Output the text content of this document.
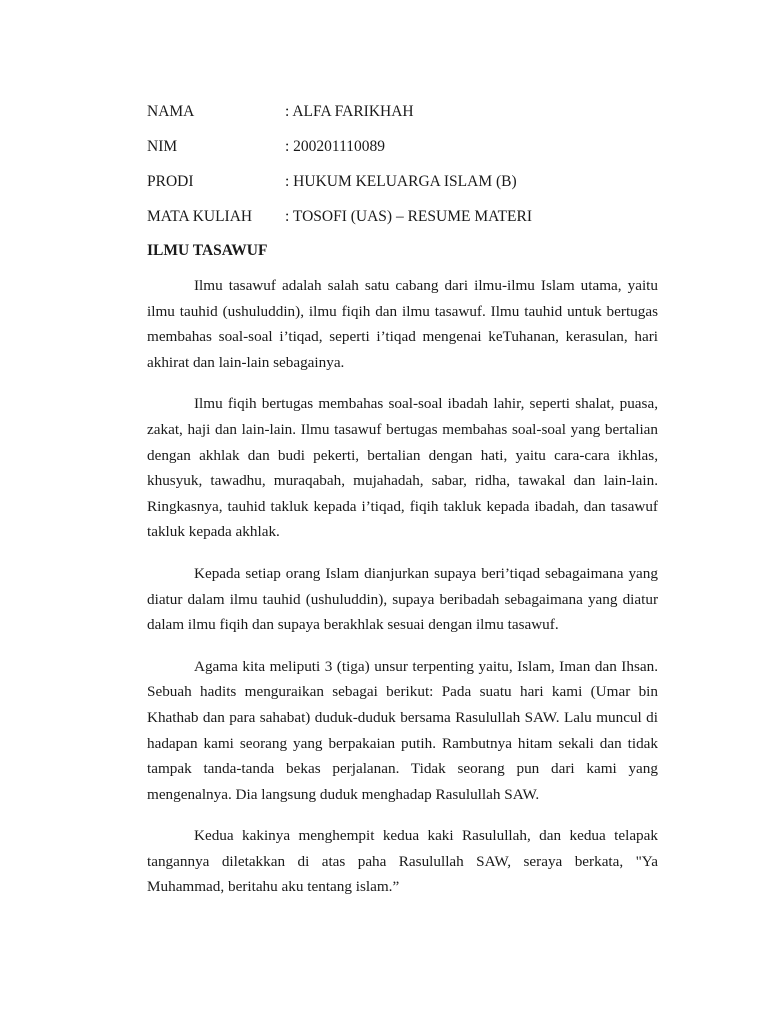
NAMA	: ALFA FARIKHAH
NIM	: 200201110089
PRODI	: HUKUM KELUARGA ISLAM (B)
MATA KULIAH : TOSOFI (UAS) – RESUME MATERI
ILMU TASAWUF

Ilmu tasawuf adalah salah satu cabang dari ilmu-ilmu Islam utama, yaitu ilmu tauhid (ushuluddin), ilmu fiqih dan ilmu tasawuf. Ilmu tauhid untuk bertugas membahas soal-soal i’tiqad, seperti i’tiqad mengenai keTuhanan, kerasulan, hari akhirat dan lain-lain sebagainya.

Ilmu fiqih bertugas membahas soal-soal ibadah lahir, seperti shalat, puasa, zakat, haji dan lain-lain. Ilmu tasawuf bertugas membahas soal-soal yang bertalian dengan akhlak dan budi pekerti, bertalian dengan hati, yaitu cara-cara ikhlas, khusyuk, tawadhu, muraqabah, mujahadah, sabar, ridha, tawakal dan lain-lain. Ringkasnya, tauhid takluk kepada i’tiqad, fiqih takluk kepada ibadah, dan tasawuf takluk kepada akhlak.

Kepada setiap orang Islam dianjurkan supaya beri’tiqad sebagaimana yang diatur dalam ilmu tauhid (ushuluddin), supaya beribadah sebagaimana yang diatur dalam ilmu fiqih dan supaya berakhlak sesuai dengan ilmu tasawuf.

Agama kita meliputi 3 (tiga) unsur terpenting yaitu, Islam, Iman dan Ihsan. Sebuah hadits menguraikan sebagai berikut: Pada suatu hari kami (Umar bin Khathab dan para sahabat) duduk-duduk bersama Rasulullah SAW. Lalu muncul di hadapan kami seorang yang berpakaian putih. Rambutnya hitam sekali dan tidak tampak tanda-tanda bekas perjalanan. Tidak seorang pun dari kami yang mengenalnya. Dia langsung duduk menghadap Rasulullah SAW.

Kedua kakinya menghempit kedua kaki Rasulullah, dan kedua telapak tangannya diletakkan di atas paha Rasulullah SAW, seraya berkata, "Ya Muhammad, beritahu aku tentang islam.”
